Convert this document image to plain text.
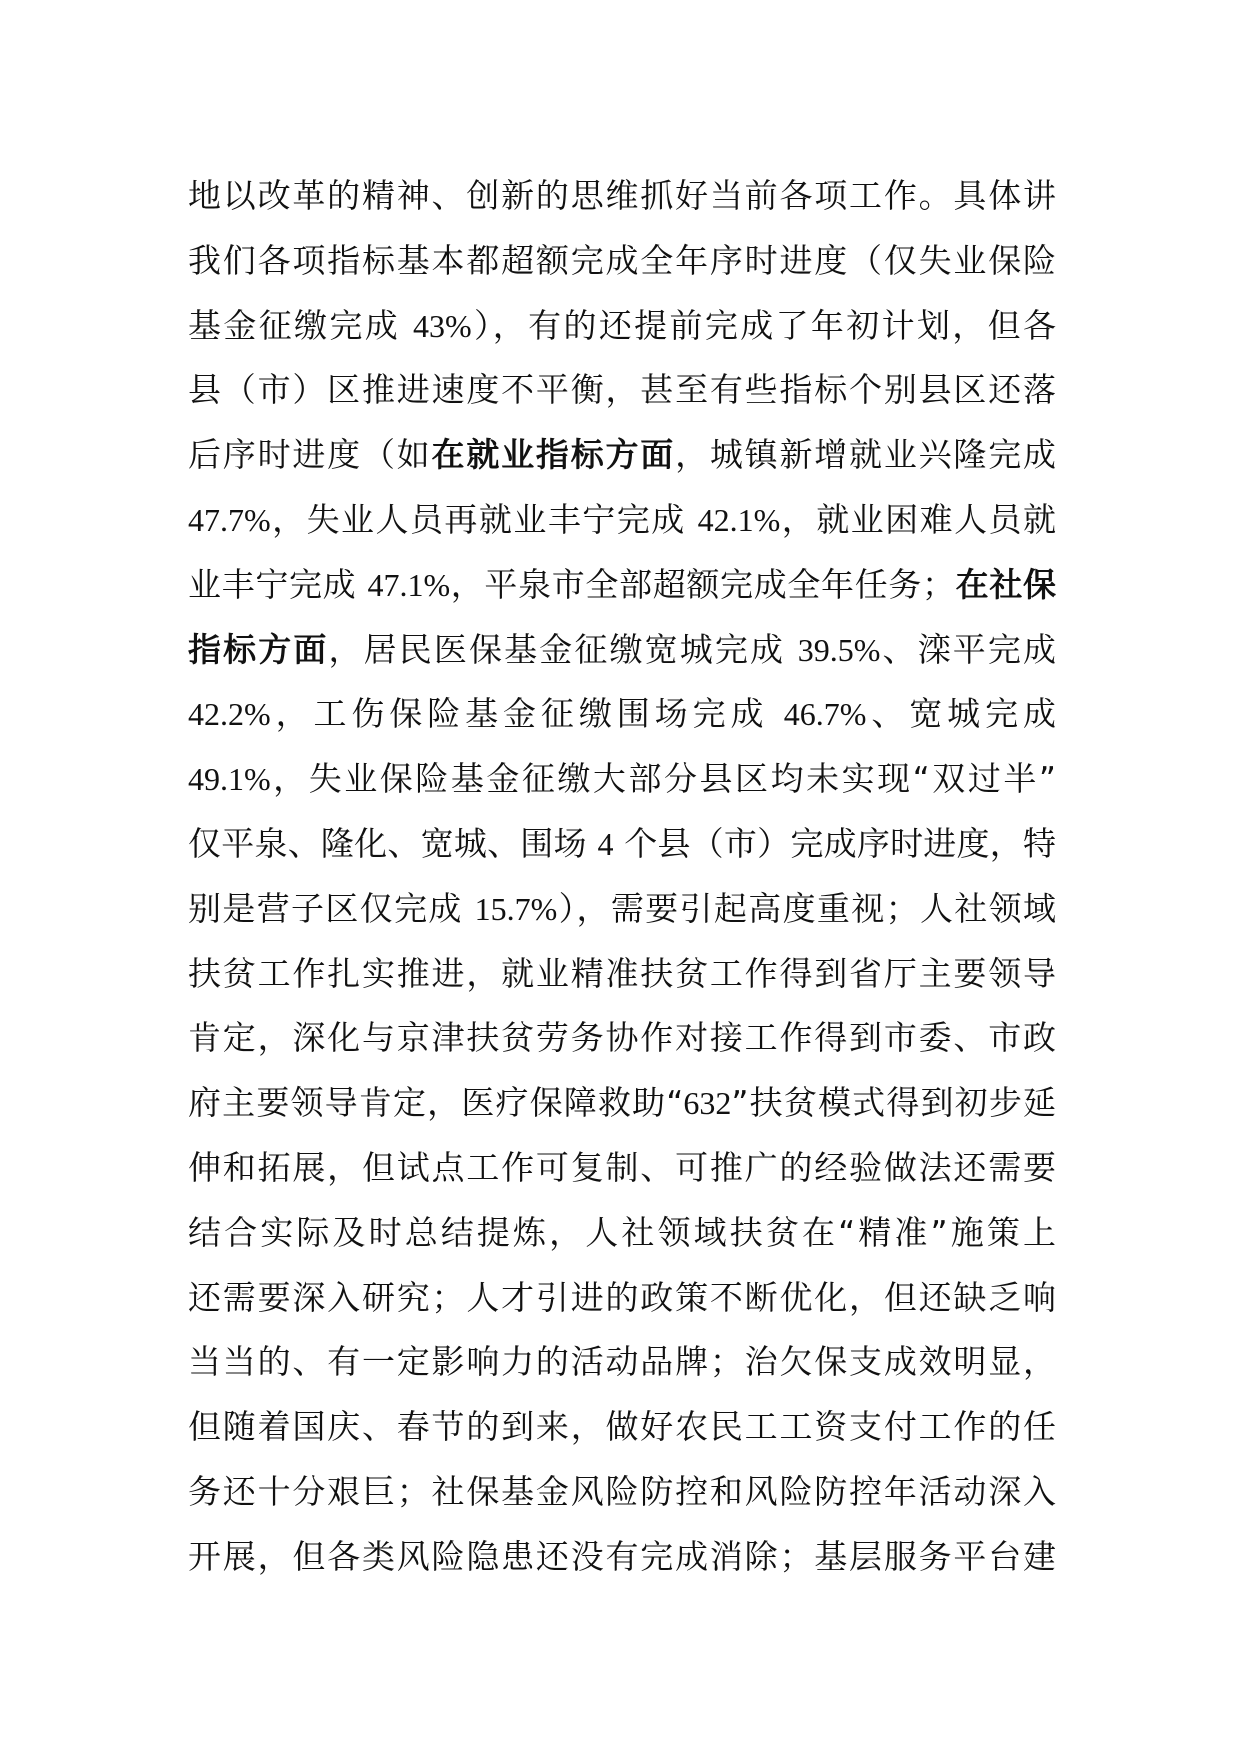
地以改革的精神、创新的思维抓好当前各项工作。具体讲
我们各项指标基本都超额完成全年序时进度（仅失业保险
基金征缴完成 43%），有的还提前完成了年初计划，但各
县（市）区推进速度不平衡，甚至有些指标个别县区还落
后序时进度（如在就业指标方面，城镇新增就业兴隆完成
47.7%，失业人员再就业丰宁完成 42.1%，就业困难人员就
业丰宁完成 47.1%，平泉市全部超额完成全年任务；在社保
指标方面，居民医保基金征缴宽城完成 39.5%、滦平完成
42.2%，工伤保险基金征缴围场完成 46.7%、宽城完成
49.1%，失业保险基金征缴大部分县区均未实现“双过半”
仅平泉、隆化、宽城、围场 4 个县（市）完成序时进度，特
别是营子区仅完成 15.7%），需要引起高度重视；人社领域
扶贫工作扎实推进，就业精准扶贫工作得到省厅主要领导
肯定，深化与京津扶贫劳务协作对接工作得到市委、市政
府主要领导肯定，医疗保障救助“632”扶贫模式得到初步延
伸和拓展，但试点工作可复制、可推广的经验做法还需要
结合实际及时总结提炼，人社领域扶贫在“精准”施策上
还需要深入研究；人才引进的政策不断优化，但还缺乏响
当当的、有一定影响力的活动品牌；治欠保支成效明显，
但随着国庆、春节的到来，做好农民工工资支付工作的任
务还十分艰巨；社保基金风险防控和风险防控年活动深入
开展，但各类风险隐患还没有完成消除；基层服务平台建
